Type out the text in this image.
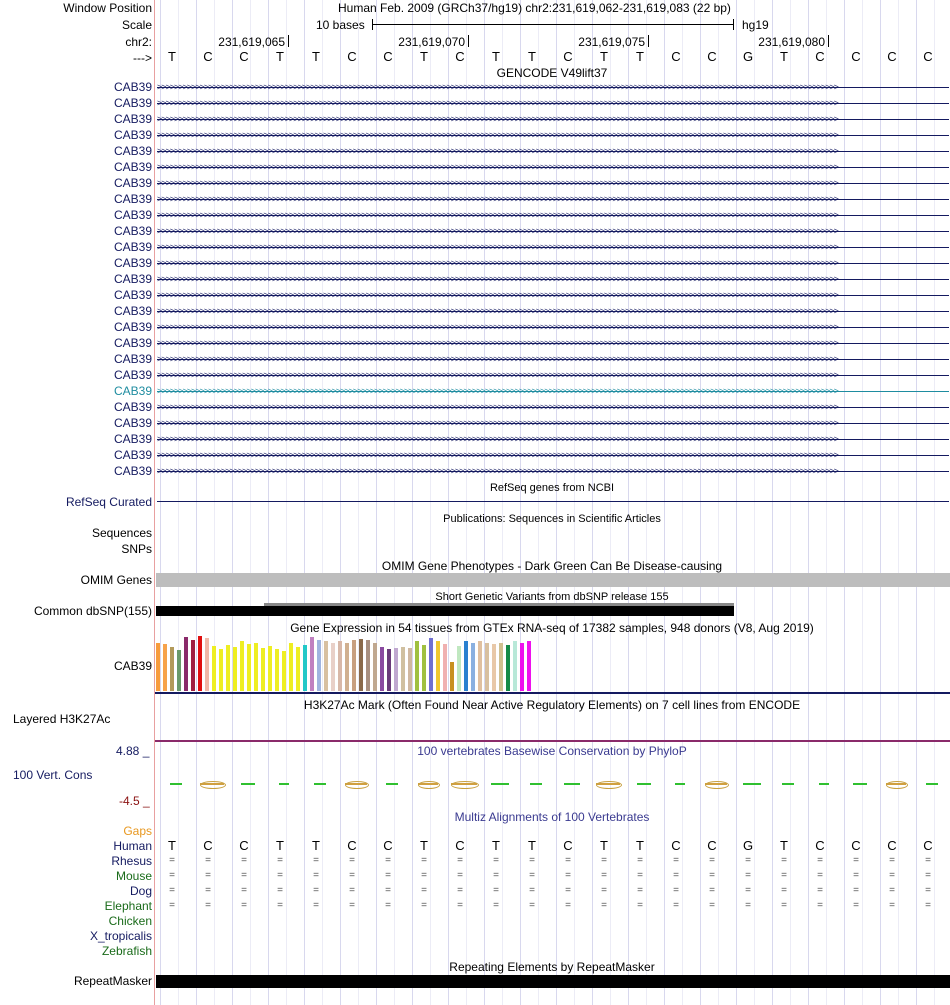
Window Position	Human Feb. 2009 (GRCh37/hg19) chr2:231,619,062-231,619,083 (22 bp)
Scale	10 bases	hg19
chr2:	231,619,065	231,619,070	231,619,075	231,619,080
--->	T	C	C	T	T	C	C	T	C	T	T	C	T	T	C	C	G	T	C	C	C	C
GENCODE V49lift37
CAB39 >>>>>>>>>>>>>>>>>>>>>>>>>>>>>>>>>>>>>>>>>>>>>>>>>>>>>>>>>>>>>>>>>>>>>>>>>>>>>>>>>>>>>>>>>>>>>>>>>>>>>>>>>>>>>>>>>>>>>>>>>>>>>>>>>>>>>>>>>>>>>>>>>>>>>>>>>>>>>>>>
CAB39 >>>>>>>>>>>>>>>>>>>>>>>>>>>>>>>>>>>>>>>>>>>>>>>>>>>>>>>>>>>>>>>>>>>>>>>>>>>>>>>>>>>>>>>>>>>>>>>>>>>>>>>>>>>>>>>>>>>>>>>>>>>>>>>>>>>>>>>>>>>>>>>>>>>>>>>>>>>>>>>>
CAB39 >>>>>>>>>>>>>>>>>>>>>>>>>>>>>>>>>>>>>>>>>>>>>>>>>>>>>>>>>>>>>>>>>>>>>>>>>>>>>>>>>>>>>>>>>>>>>>>>>>>>>>>>>>>>>>>>>>>>>>>>>>>>>>>>>>>>>>>>>>>>>>>>>>>>>>>>>>>>>>>>
CAB39 >>>>>>>>>>>>>>>>>>>>>>>>>>>>>>>>>>>>>>>>>>>>>>>>>>>>>>>>>>>>>>>>>>>>>>>>>>>>>>>>>>>>>>>>>>>>>>>>>>>>>>>>>>>>>>>>>>>>>>>>>>>>>>>>>>>>>>>>>>>>>>>>>>>>>>>>>>>>>>>>
CAB39 >>>>>>>>>>>>>>>>>>>>>>>>>>>>>>>>>>>>>>>>>>>>>>>>>>>>>>>>>>>>>>>>>>>>>>>>>>>>>>>>>>>>>>>>>>>>>>>>>>>>>>>>>>>>>>>>>>>>>>>>>>>>>>>>>>>>>>>>>>>>>>>>>>>>>>>>>>>>>>>>
CAB39 >>>>>>>>>>>>>>>>>>>>>>>>>>>>>>>>>>>>>>>>>>>>>>>>>>>>>>>>>>>>>>>>>>>>>>>>>>>>>>>>>>>>>>>>>>>>>>>>>>>>>>>>>>>>>>>>>>>>>>>>>>>>>>>>>>>>>>>>>>>>>>>>>>>>>>>>>>>>>>>>
CAB39 >>>>>>>>>>>>>>>>>>>>>>>>>>>>>>>>>>>>>>>>>>>>>>>>>>>>>>>>>>>>>>>>>>>>>>>>>>>>>>>>>>>>>>>>>>>>>>>>>>>>>>>>>>>>>>>>>>>>>>>>>>>>>>>>>>>>>>>>>>>>>>>>>>>>>>>>>>>>>>>>
CAB39 >>>>>>>>>>>>>>>>>>>>>>>>>>>>>>>>>>>>>>>>>>>>>>>>>>>>>>>>>>>>>>>>>>>>>>>>>>>>>>>>>>>>>>>>>>>>>>>>>>>>>>>>>>>>>>>>>>>>>>>>>>>>>>>>>>>>>>>>>>>>>>>>>>>>>>>>>>>>>>>>
CAB39 >>>>>>>>>>>>>>>>>>>>>>>>>>>>>>>>>>>>>>>>>>>>>>>>>>>>>>>>>>>>>>>>>>>>>>>>>>>>>>>>>>>>>>>>>>>>>>>>>>>>>>>>>>>>>>>>>>>>>>>>>>>>>>>>>>>>>>>>>>>>>>>>>>>>>>>>>>>>>>>>
CAB39 >>>>>>>>>>>>>>>>>>>>>>>>>>>>>>>>>>>>>>>>>>>>>>>>>>>>>>>>>>>>>>>>>>>>>>>>>>>>>>>>>>>>>>>>>>>>>>>>>>>>>>>>>>>>>>>>>>>>>>>>>>>>>>>>>>>>>>>>>>>>>>>>>>>>>>>>>>>>>>>>
CAB39 >>>>>>>>>>>>>>>>>>>>>>>>>>>>>>>>>>>>>>>>>>>>>>>>>>>>>>>>>>>>>>>>>>>>>>>>>>>>>>>>>>>>>>>>>>>>>>>>>>>>>>>>>>>>>>>>>>>>>>>>>>>>>>>>>>>>>>>>>>>>>>>>>>>>>>>>>>>>>>>>
CAB39 >>>>>>>>>>>>>>>>>>>>>>>>>>>>>>>>>>>>>>>>>>>>>>>>>>>>>>>>>>>>>>>>>>>>>>>>>>>>>>>>>>>>>>>>>>>>>>>>>>>>>>>>>>>>>>>>>>>>>>>>>>>>>>>>>>>>>>>>>>>>>>>>>>>>>>>>>>>>>>>>
CAB39 >>>>>>>>>>>>>>>>>>>>>>>>>>>>>>>>>>>>>>>>>>>>>>>>>>>>>>>>>>>>>>>>>>>>>>>>>>>>>>>>>>>>>>>>>>>>>>>>>>>>>>>>>>>>>>>>>>>>>>>>>>>>>>>>>>>>>>>>>>>>>>>>>>>>>>>>>>>>>>>>
CAB39 >>>>>>>>>>>>>>>>>>>>>>>>>>>>>>>>>>>>>>>>>>>>>>>>>>>>>>>>>>>>>>>>>>>>>>>>>>>>>>>>>>>>>>>>>>>>>>>>>>>>>>>>>>>>>>>>>>>>>>>>>>>>>>>>>>>>>>>>>>>>>>>>>>>>>>>>>>>>>>>>
CAB39 >>>>>>>>>>>>>>>>>>>>>>>>>>>>>>>>>>>>>>>>>>>>>>>>>>>>>>>>>>>>>>>>>>>>>>>>>>>>>>>>>>>>>>>>>>>>>>>>>>>>>>>>>>>>>>>>>>>>>>>>>>>>>>>>>>>>>>>>>>>>>>>>>>>>>>>>>>>>>>>>
CAB39 >>>>>>>>>>>>>>>>>>>>>>>>>>>>>>>>>>>>>>>>>>>>>>>>>>>>>>>>>>>>>>>>>>>>>>>>>>>>>>>>>>>>>>>>>>>>>>>>>>>>>>>>>>>>>>>>>>>>>>>>>>>>>>>>>>>>>>>>>>>>>>>>>>>>>>>>>>>>>>>>
CAB39 >>>>>>>>>>>>>>>>>>>>>>>>>>>>>>>>>>>>>>>>>>>>>>>>>>>>>>>>>>>>>>>>>>>>>>>>>>>>>>>>>>>>>>>>>>>>>>>>>>>>>>>>>>>>>>>>>>>>>>>>>>>>>>>>>>>>>>>>>>>>>>>>>>>>>>>>>>>>>>>>
CAB39 >>>>>>>>>>>>>>>>>>>>>>>>>>>>>>>>>>>>>>>>>>>>>>>>>>>>>>>>>>>>>>>>>>>>>>>>>>>>>>>>>>>>>>>>>>>>>>>>>>>>>>>>>>>>>>>>>>>>>>>>>>>>>>>>>>>>>>>>>>>>>>>>>>>>>>>>>>>>>>>>
CAB39 >>>>>>>>>>>>>>>>>>>>>>>>>>>>>>>>>>>>>>>>>>>>>>>>>>>>>>>>>>>>>>>>>>>>>>>>>>>>>>>>>>>>>>>>>>>>>>>>>>>>>>>>>>>>>>>>>>>>>>>>>>>>>>>>>>>>>>>>>>>>>>>>>>>>>>>>>>>>>>>>
CAB39 >>>>>>>>>>>>>>>>>>>>>>>>>>>>>>>>>>>>>>>>>>>>>>>>>>>>>>>>>>>>>>>>>>>>>>>>>>>>>>>>>>>>>>>>>>>>>>>>>>>>>>>>>>>>>>>>>>>>>>>>>>>>>>>>>>>>>>>>>>>>>>>>>>>>>>>>>>>>>>>>
CAB39 >>>>>>>>>>>>>>>>>>>>>>>>>>>>>>>>>>>>>>>>>>>>>>>>>>>>>>>>>>>>>>>>>>>>>>>>>>>>>>>>>>>>>>>>>>>>>>>>>>>>>>>>>>>>>>>>>>>>>>>>>>>>>>>>>>>>>>>>>>>>>>>>>>>>>>>>>>>>>>>>
CAB39 >>>>>>>>>>>>>>>>>>>>>>>>>>>>>>>>>>>>>>>>>>>>>>>>>>>>>>>>>>>>>>>>>>>>>>>>>>>>>>>>>>>>>>>>>>>>>>>>>>>>>>>>>>>>>>>>>>>>>>>>>>>>>>>>>>>>>>>>>>>>>>>>>>>>>>>>>>>>>>>>
CAB39 >>>>>>>>>>>>>>>>>>>>>>>>>>>>>>>>>>>>>>>>>>>>>>>>>>>>>>>>>>>>>>>>>>>>>>>>>>>>>>>>>>>>>>>>>>>>>>>>>>>>>>>>>>>>>>>>>>>>>>>>>>>>>>>>>>>>>>>>>>>>>>>>>>>>>>>>>>>>>>>>
CAB39 >>>>>>>>>>>>>>>>>>>>>>>>>>>>>>>>>>>>>>>>>>>>>>>>>>>>>>>>>>>>>>>>>>>>>>>>>>>>>>>>>>>>>>>>>>>>>>>>>>>>>>>>>>>>>>>>>>>>>>>>>>>>>>>>>>>>>>>>>>>>>>>>>>>>>>>>>>>>>>>>
CAB39 >>>>>>>>>>>>>>>>>>>>>>>>>>>>>>>>>>>>>>>>>>>>>>>>>>>>>>>>>>>>>>>>>>>>>>>>>>>>>>>>>>>>>>>>>>>>>>>>>>>>>>>>>>>>>>>>>>>>>>>>>>>>>>>>>>>>>>>>>>>>>>>>>>>>>>>>>>>>>>>>
RefSeq genes from NCBI
RefSeq Curated
Publications: Sequences in Scientific Articles
Sequences
SNPs
OMIM Gene Phenotypes - Dark Green Can Be Disease-causing
OMIM Genes
Short Genetic Variants from dbSNP release 155
Common dbSNP(155)
Gene Expression in 54 tissues from GTEx RNA-seq of 17382 samples, 948 donors (V8, Aug 2019)
CAB39
H3K27Ac Mark (Often Found Near Active Regulatory Elements) on 7 cell lines from ENCODE
Layered H3K27Ac
100 vertebrates Basewise Conservation by PhyloP
4.88 _
100 Vert. Cons
-4.5 _
Multiz Alignments of 100 Vertebrates
Gaps
Human	T	C	C	T	T	C	C	T	C	T	T	C	T	T	C	C	G	T	C	C	C	C
Rhesus	=	=	=	=	=	=	=	=	=	=	=	=	=	=	=	=	=	=	=	=	=	=
Mouse	=	=	=	=	=	=	=	=	=	=	=	=	=	=	=	=	=	=	=	=	=	=
Dog	=	=	=	=	=	=	=	=	=	=	=	=	=	=	=	=	=	=	=	=	=	=
Elephant	=	=	=	=	=	=	=	=	=	=	=	=	=	=	=	=	=	=	=	=	=	=
Chicken
X_tropicalis
Zebrafish
Repeating Elements by RepeatMasker
RepeatMasker
